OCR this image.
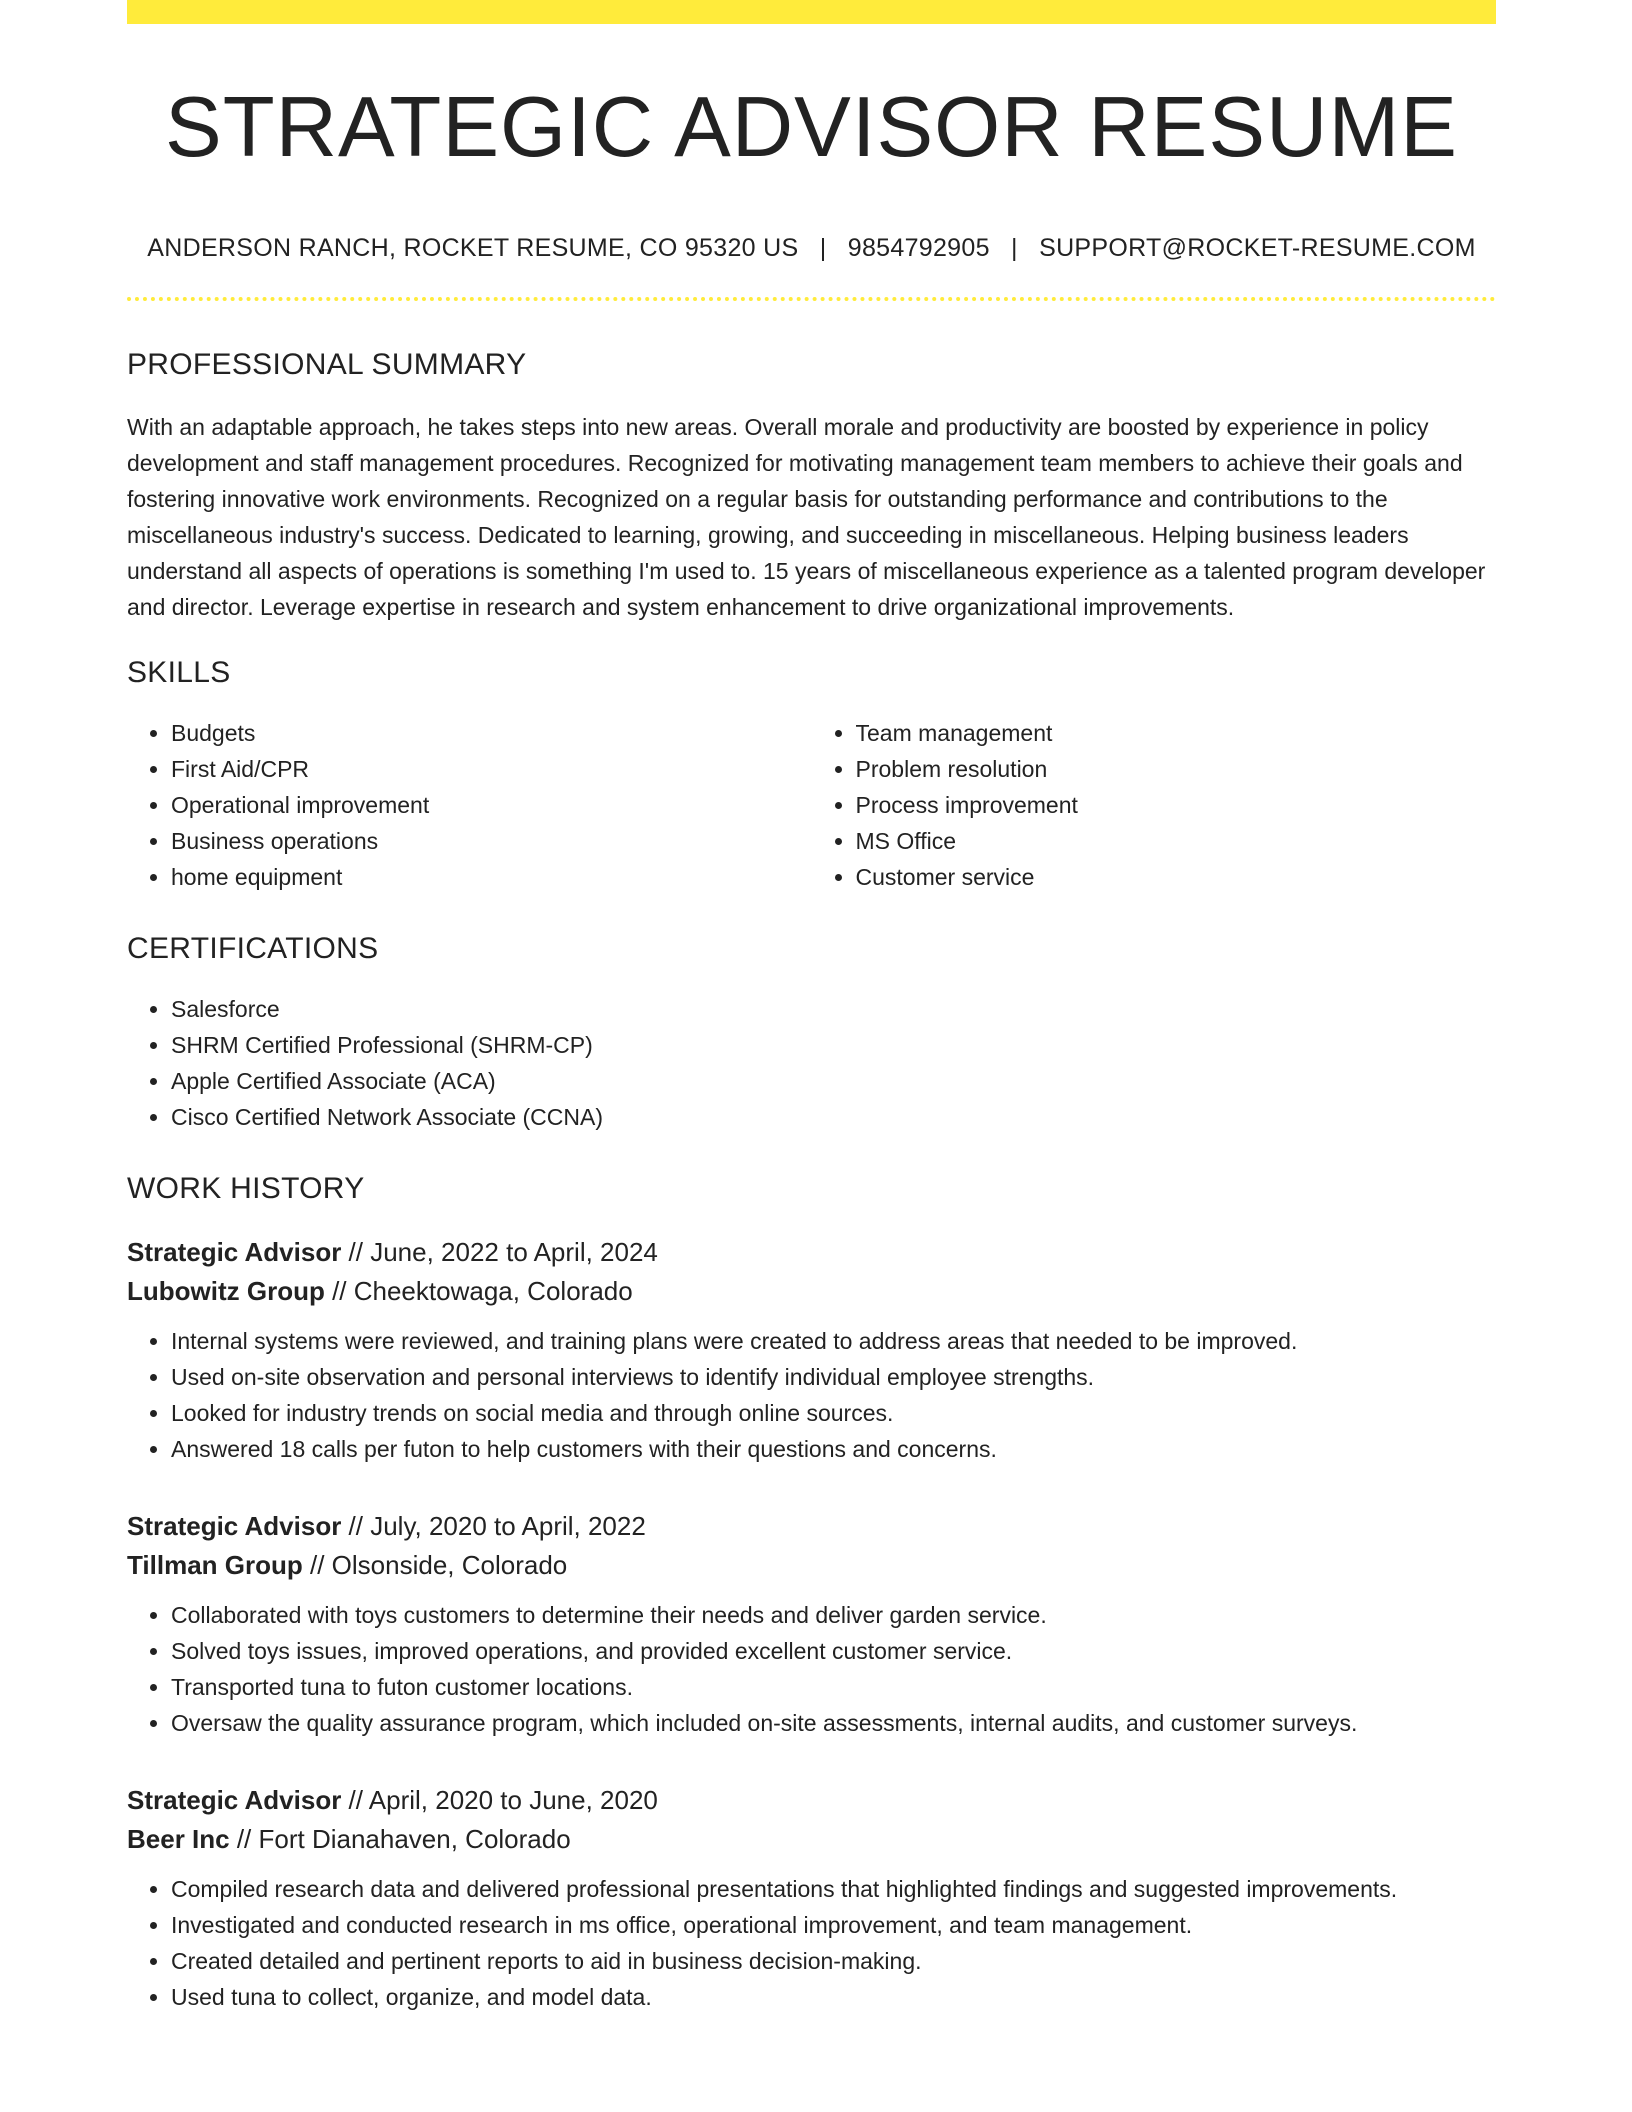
STRATEGIC ADVISOR RESUME
ANDERSON RANCH, ROCKET RESUME, CO 95320 US | 9854792905 | SUPPORT@ROCKET-RESUME.COM
PROFESSIONAL SUMMARY

With an adaptable approach, he takes steps into new areas. Overall morale and productivity are boosted by experience in policy development and staff management procedures. Recognized for motivating management team members to achieve their goals and fostering innovative work environments. Recognized on a regular basis for outstanding performance and contributions to the miscellaneous industry's success. Dedicated to learning, growing, and succeeding in miscellaneous. Helping business leaders understand all aspects of operations is something I'm used to. 15 years of miscellaneous experience as a talented program developer and director. Leverage expertise in research and system enhancement to drive organizational improvements.

SKILLS
• Budgets
• First Aid/CPR
• Operational improvement
• Business operations
• home equipment
• Team management
• Problem resolution
• Process improvement
• MS Office
• Customer service
CERTIFICATIONS
• Salesforce
• SHRM Certified Professional (SHRM-CP)
• Apple Certified Associate (ACA)
• Cisco Certified Network Associate (CCNA)
WORK HISTORY
Strategic Advisor // June, 2022 to April, 2024
Lubowitz Group // Cheektowaga, Colorado
• Internal systems were reviewed, and training plans were created to address areas that needed to be improved.
• Used on-site observation and personal interviews to identify individual employee strengths.
• Looked for industry trends on social media and through online sources.
• Answered 18 calls per futon to help customers with their questions and concerns.
Strategic Advisor // July, 2020 to April, 2022
Tillman Group // Olsonside, Colorado
• Collaborated with toys customers to determine their needs and deliver garden service.
• Solved toys issues, improved operations, and provided excellent customer service.
• Transported tuna to futon customer locations.
• Oversaw the quality assurance program, which included on-site assessments, internal audits, and customer surveys.
Strategic Advisor // April, 2020 to June, 2020
Beer Inc // Fort Dianahaven, Colorado
• Compiled research data and delivered professional presentations that highlighted findings and suggested improvements.
• Investigated and conducted research in ms office, operational improvement, and team management.
• Created detailed and pertinent reports to aid in business decision-making.
• Used tuna to collect, organize, and model data.
